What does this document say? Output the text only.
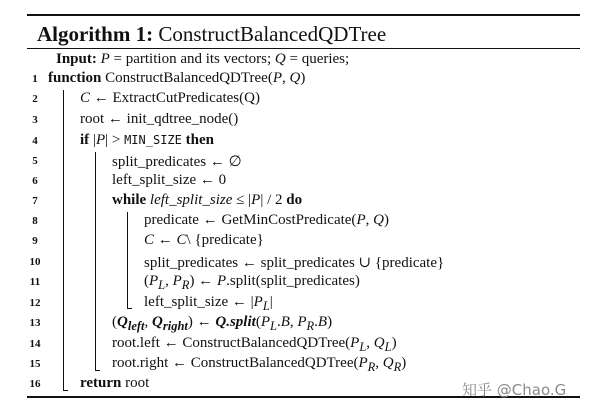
Algorithm 1: ConstructBalancedQDTree
Input: P = partition and its vectors; Q = queries;
1 function ConstructBalancedQDTree(P, Q)
2	C ← ExtractCutPredicates(Q)
3	root ← init_qdtree_node()
4	if |P| > MIN_SIZE then
5	split_predicates ← ∅
6	left_split_size ← 0
7	while left_split_size ≤ |P| / 2 do
8	predicate ← GetMinCostPredicate(P, Q)
9	C ← C\ {predicate}
10	split_predicates ← split_predicates ∪ {predicate}
11	($P_L$, $P_R$) ← P.split(split_predicates)
12	left_split_size ← $|P_L|$
13	($Q_{left}$, $Q_{right}$) ← $Q.split(P_L.B$, $P_R.B$)
14	root.left ← $ConstructBalancedQDTree(P_L$, $Q_L$)
15	root.right ← $ConstructBalancedQDTree(P_R$, $Q_R$)
16	return root	知乎 @Chao.G
